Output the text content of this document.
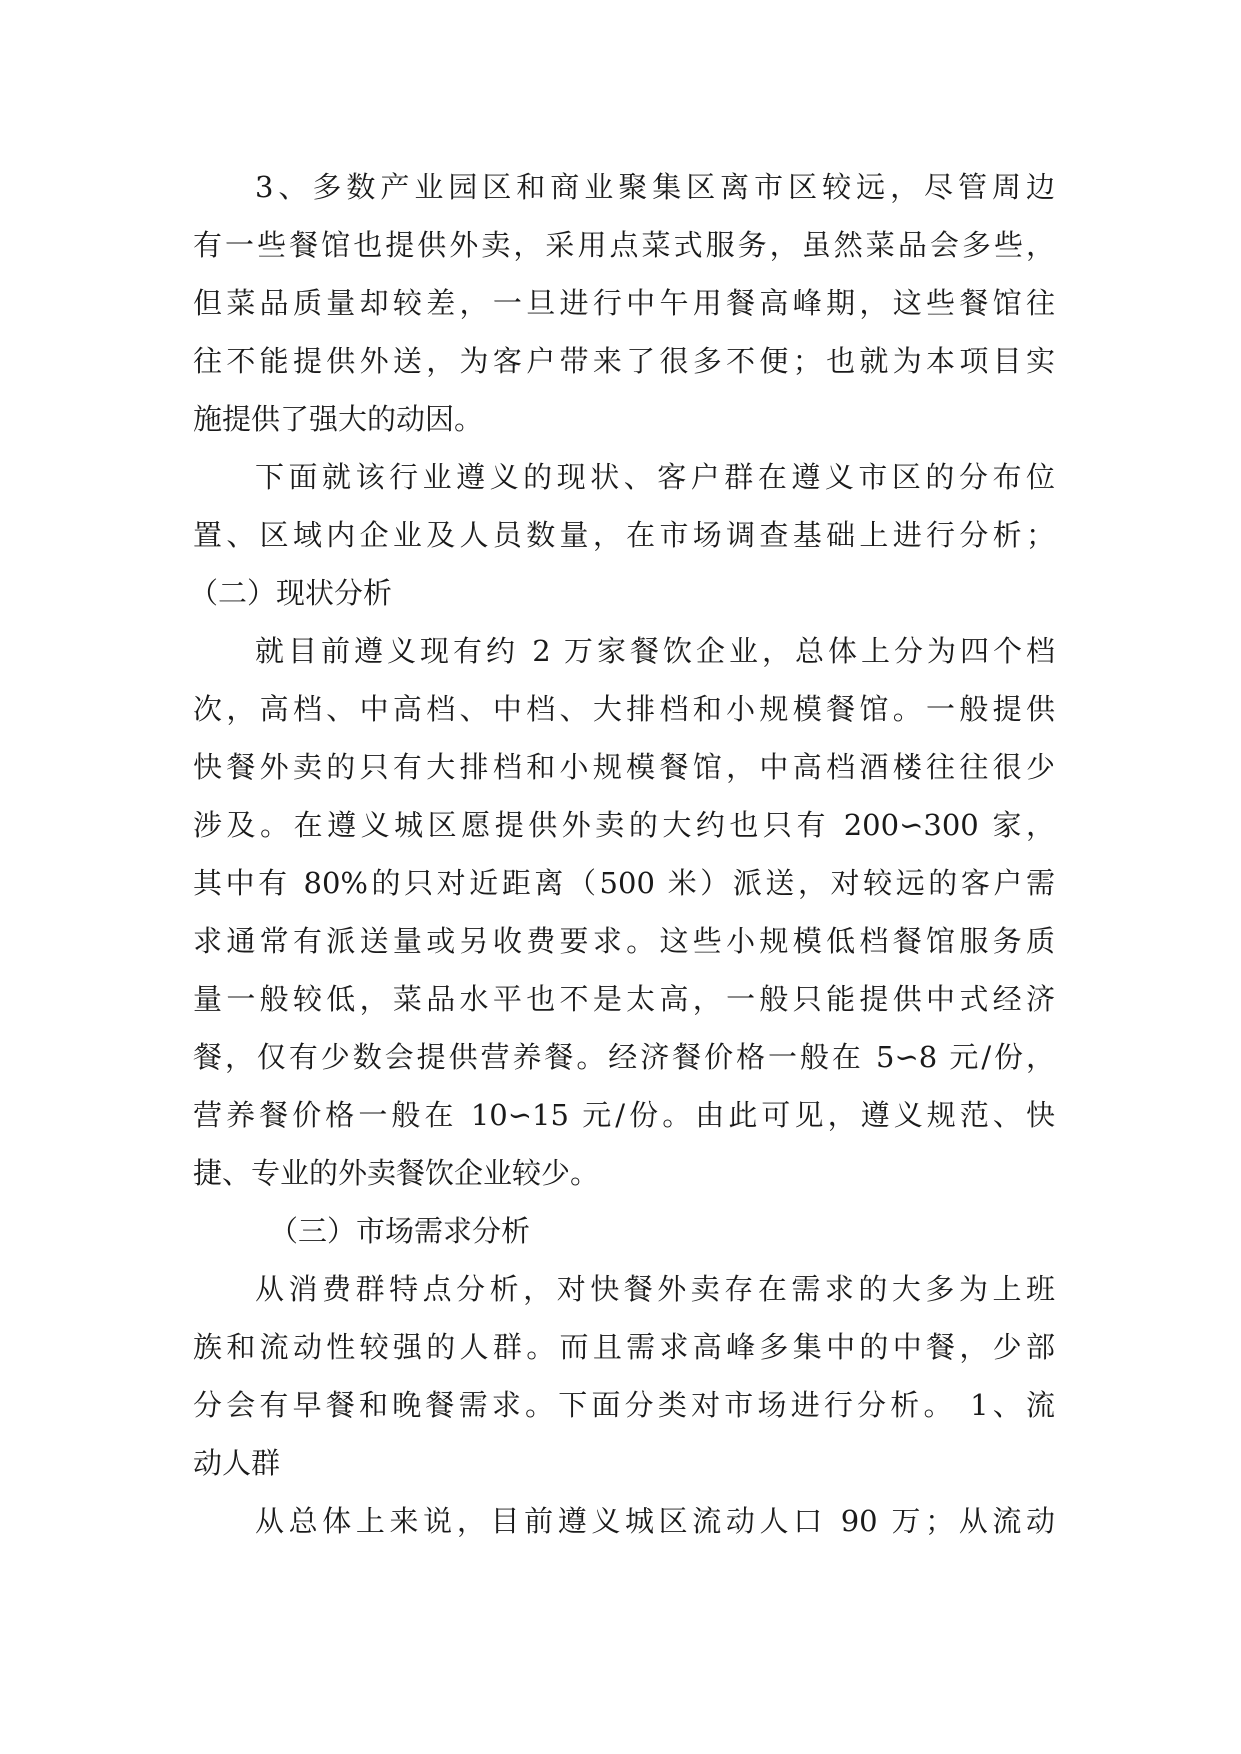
3、多数产业园区和商业聚集区离市区较远，尽管周边
有一些餐馆也提供外卖，采用点菜式服务，虽然菜品会多些，
但菜品质量却较差，一旦进行中午用餐高峰期，这些餐馆往
往不能提供外送，为客户带来了很多不便；也就为本项目实
施提供了强大的动因。
下面就该行业遵义的现状、客户群在遵义市区的分布位
置、区域内企业及人员数量，在市场调查基础上进行分析；
（二）现状分析
就目前遵义现有约 2 万家餐饮企业，总体上分为四个档
次，高档、中高档、中档、大排档和小规模餐馆。一般提供
快餐外卖的只有大排档和小规模餐馆，中高档酒楼往往很少
涉及。在遵义城区愿提供外卖的大约也只有 200∽300 家，
其中有 80%的只对近距离（500 米）派送，对较远的客户需
求通常有派送量或另收费要求。这些小规模低档餐馆服务质
量一般较低，菜品水平也不是太高，一般只能提供中式经济
餐，仅有少数会提供营养餐。经济餐价格一般在 5∽8 元/份，
营养餐价格一般在 10∽15 元/份。由此可见，遵义规范、快
捷、专业的外卖餐饮企业较少。
（三）市场需求分析
从消费群特点分析，对快餐外卖存在需求的大多为上班
族和流动性较强的人群。而且需求高峰多集中的中餐，少部
分会有早餐和晚餐需求。下面分类对市场进行分析。 1、流
动人群
从总体上来说，目前遵义城区流动人口 90 万；从流动
